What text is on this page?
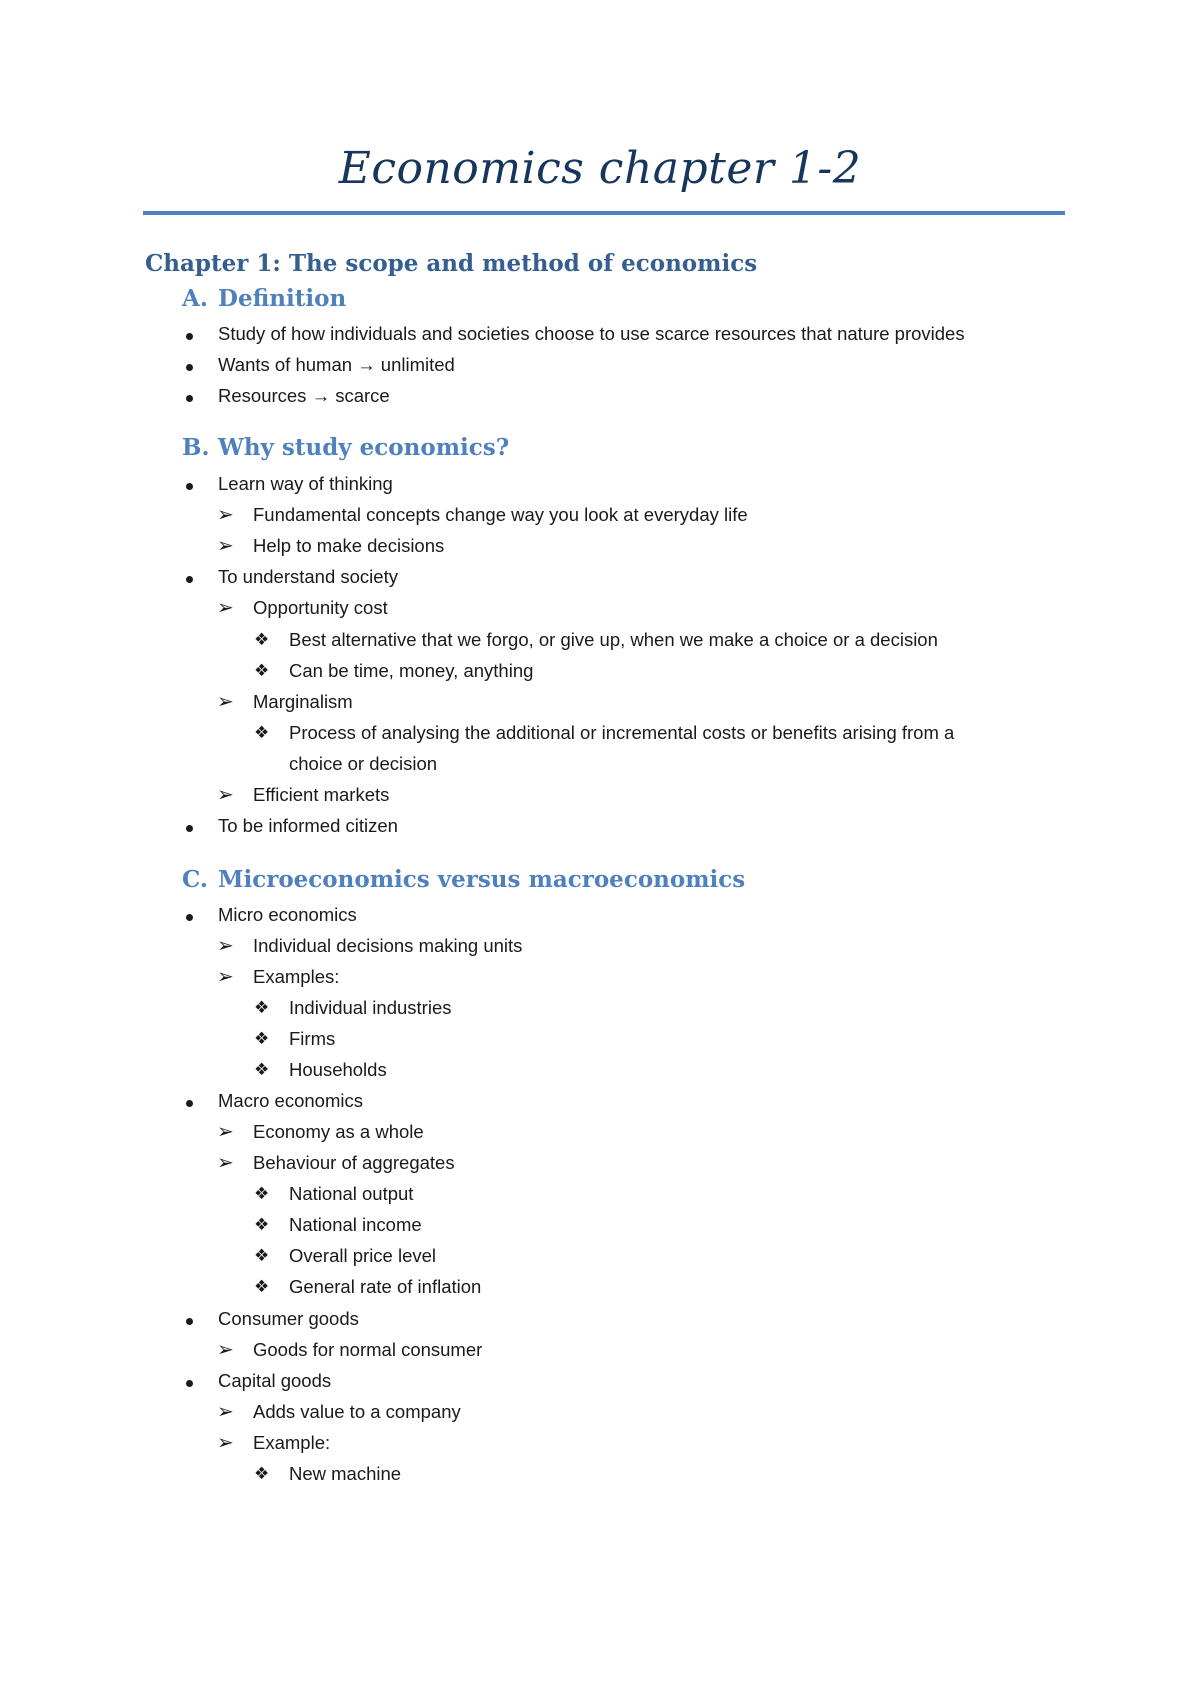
Economics chapter 1-2
Chapter 1: The scope and method of economics
A. Definition
Study of how individuals and societies choose to use scarce resources that nature provides
Wants of human → unlimited
Resources → scarce
B. Why study economics?
Learn way of thinking
➢ Fundamental concepts change way you look at everyday life
➢ Help to make decisions
To understand society
➢ Opportunity cost
❖ Best alternative that we forgo, or give up, when we make a choice or a decision
❖ Can be time, money, anything
➢ Marginalism
❖ Process of analysing the additional or incremental costs or benefits arising from a
choice or decision
➢ Efficient markets
To be informed citizen
C. Microeconomics versus macroeconomics
Micro economics
➢ Individual decisions making units
➢ Examples:
❖ Individual industries
❖ Firms
❖ Households
Macro economics
➢ Economy as a whole
➢ Behaviour of aggregates
❖ National output
❖ National income
❖ Overall price level
❖ General rate of inflation
Consumer goods
➢ Goods for normal consumer
Capital goods
➢ Adds value to a company
➢ Example:
❖ New machine
